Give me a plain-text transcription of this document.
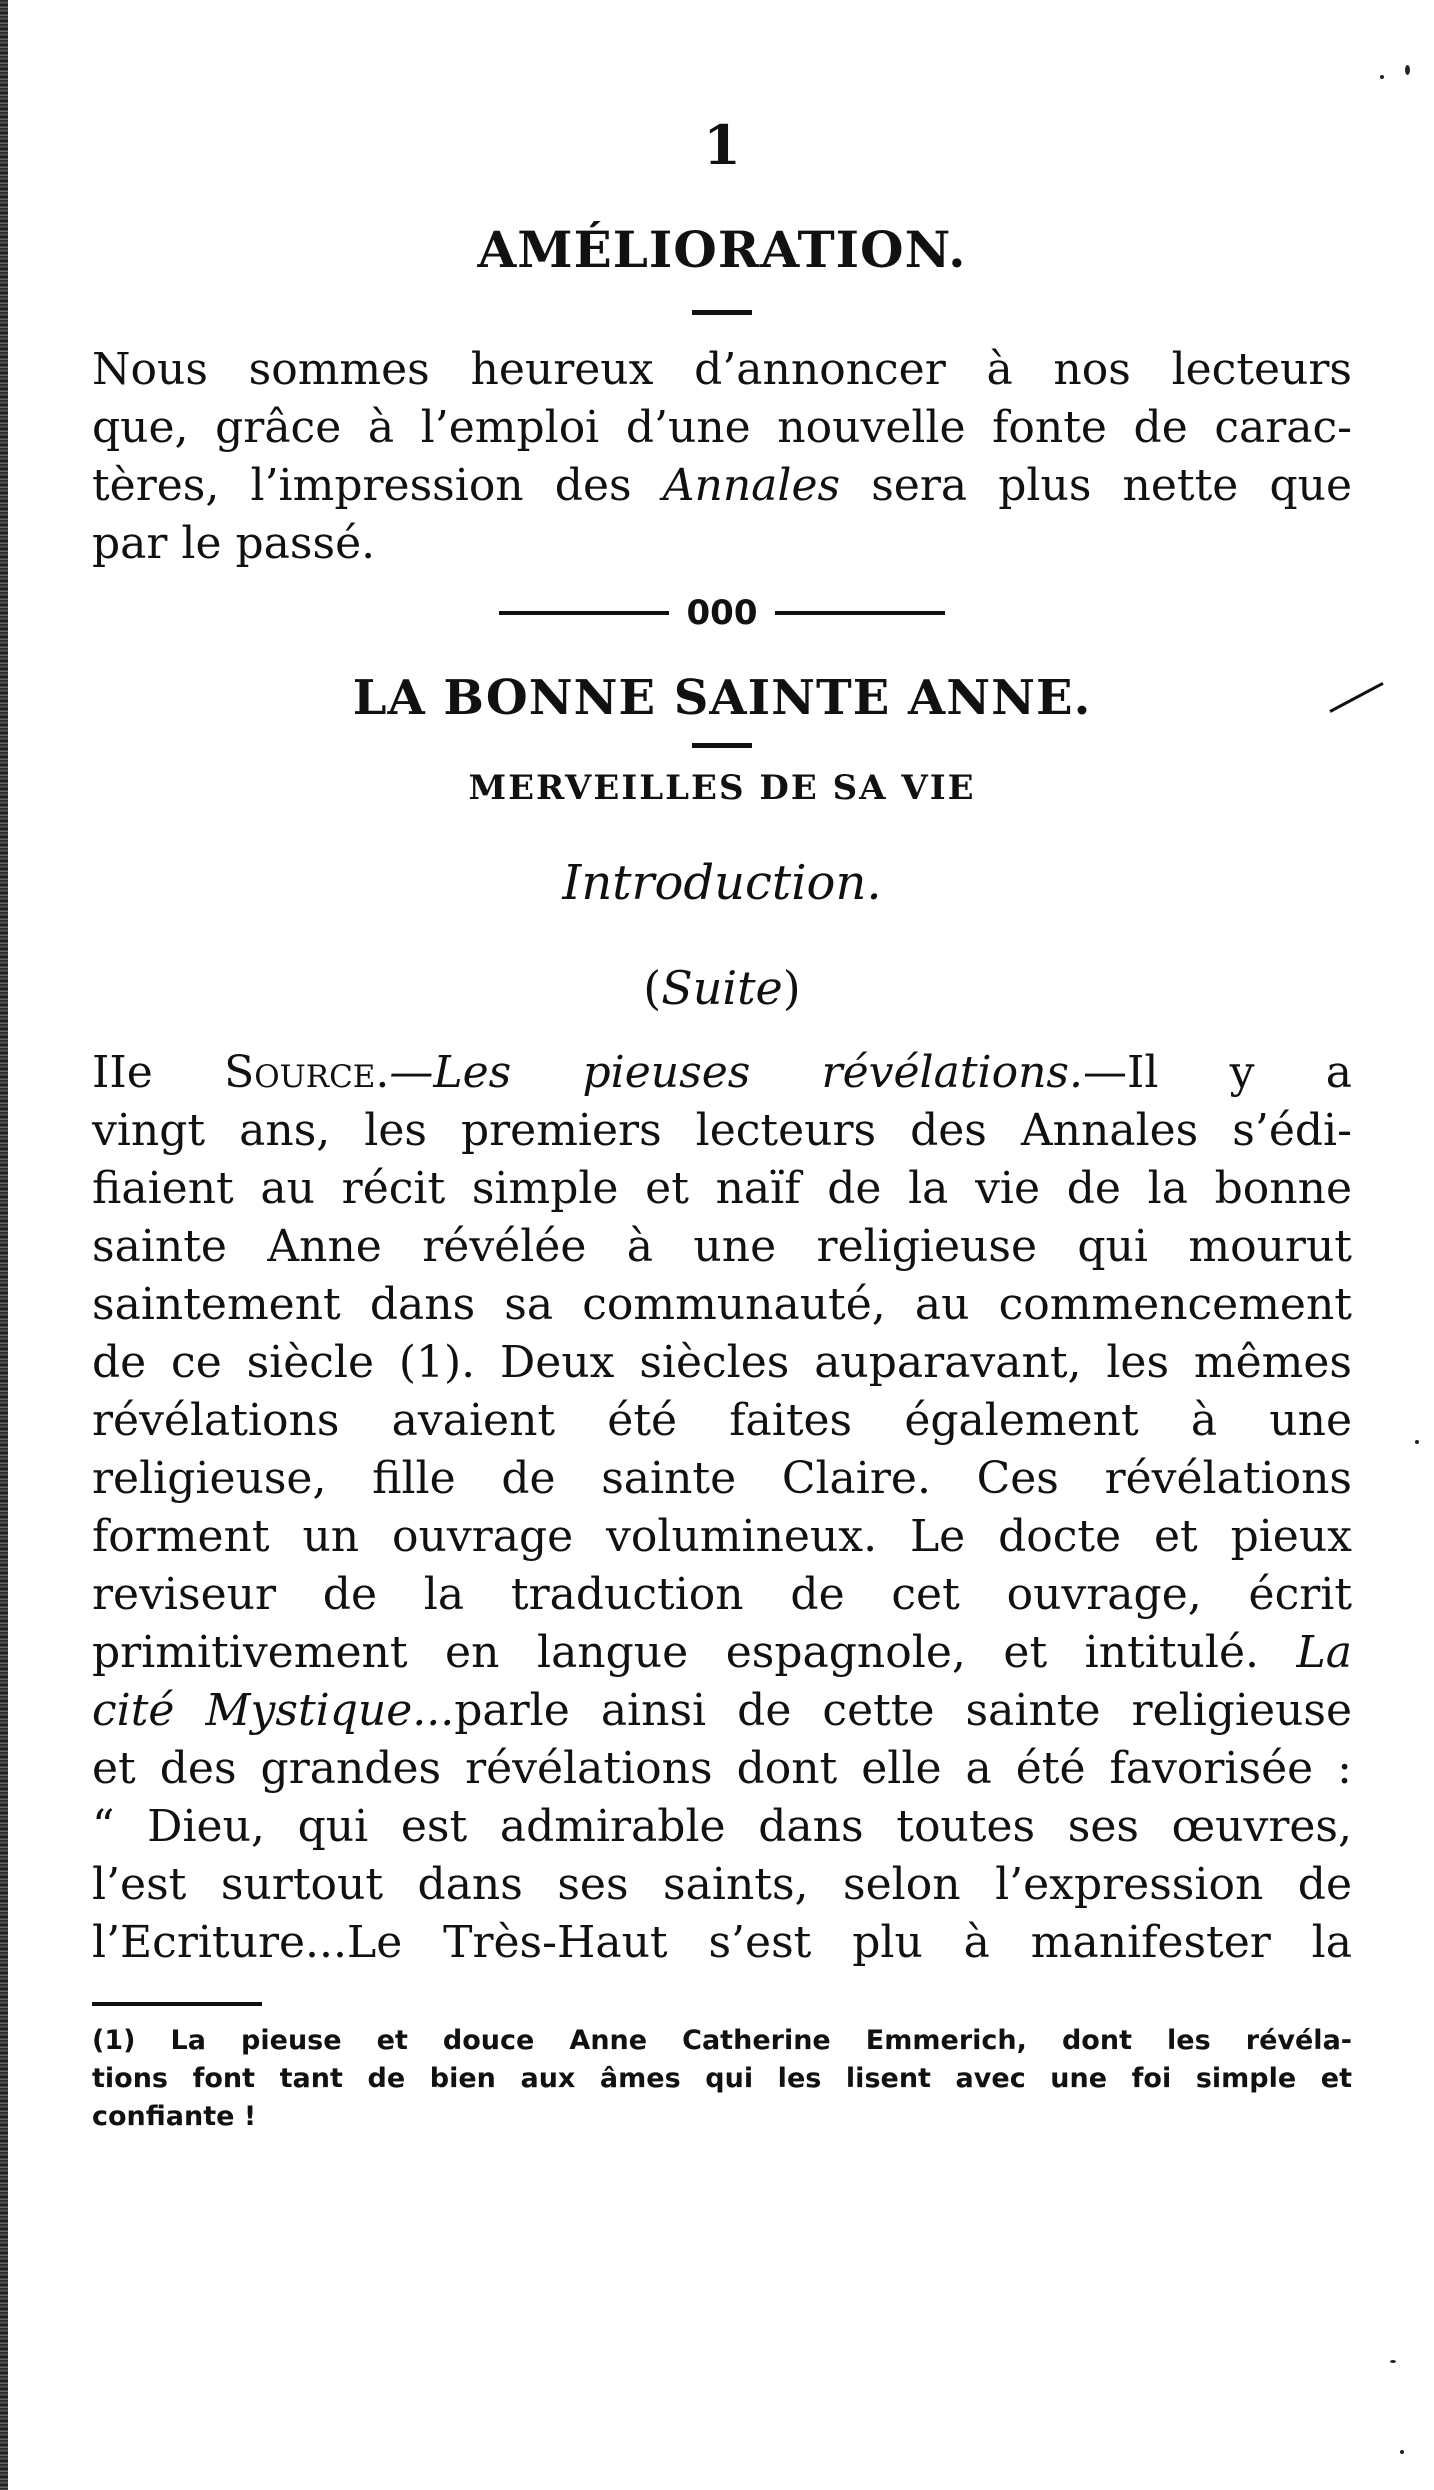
1

AMÉLIORATION.
Nous sommes heureux d’annoncer à nos lecteurs
que, grâce à l’emploi d’une nouvelle fonte de carac-
tères, l’impression des Annales sera plus nette que
par le passé.
000
LA BONNE SAINTE ANNE.
MERVEILLES DE SA VIE

Introduction.

(Suite)

IIe Source.—Les pieuses révélations.—Il y a
vingt ans, les premiers lecteurs des Annales s’édi-
fiaient au récit simple et naïf de la vie de la bonne
sainte Anne révélée à une religieuse qui mourut
saintement dans sa communauté, au commencement
de ce siècle (1). Deux siècles auparavant, les mêmes
révélations avaient été faites également à une
religieuse, fille de sainte Claire. Ces révélations
forment un ouvrage volumineux. Le docte et pieux
reviseur de la traduction de cet ouvrage, écrit
primitivement en langue espagnole, et intitulé. La
cité Mystique...parle ainsi de cette sainte religieuse
et des grandes révélations dont elle a été favorisée :
“ Dieu, qui est admirable dans toutes ses œuvres,
l’est surtout dans ses saints, selon l’expression de
l’Ecriture...Le Très-Haut s’est plu à manifester la
(1) La pieuse et douce Anne Catherine Emmerich, dont les révéla-
tions font tant de bien aux âmes qui les lisent avec une foi simple et
confiante !
